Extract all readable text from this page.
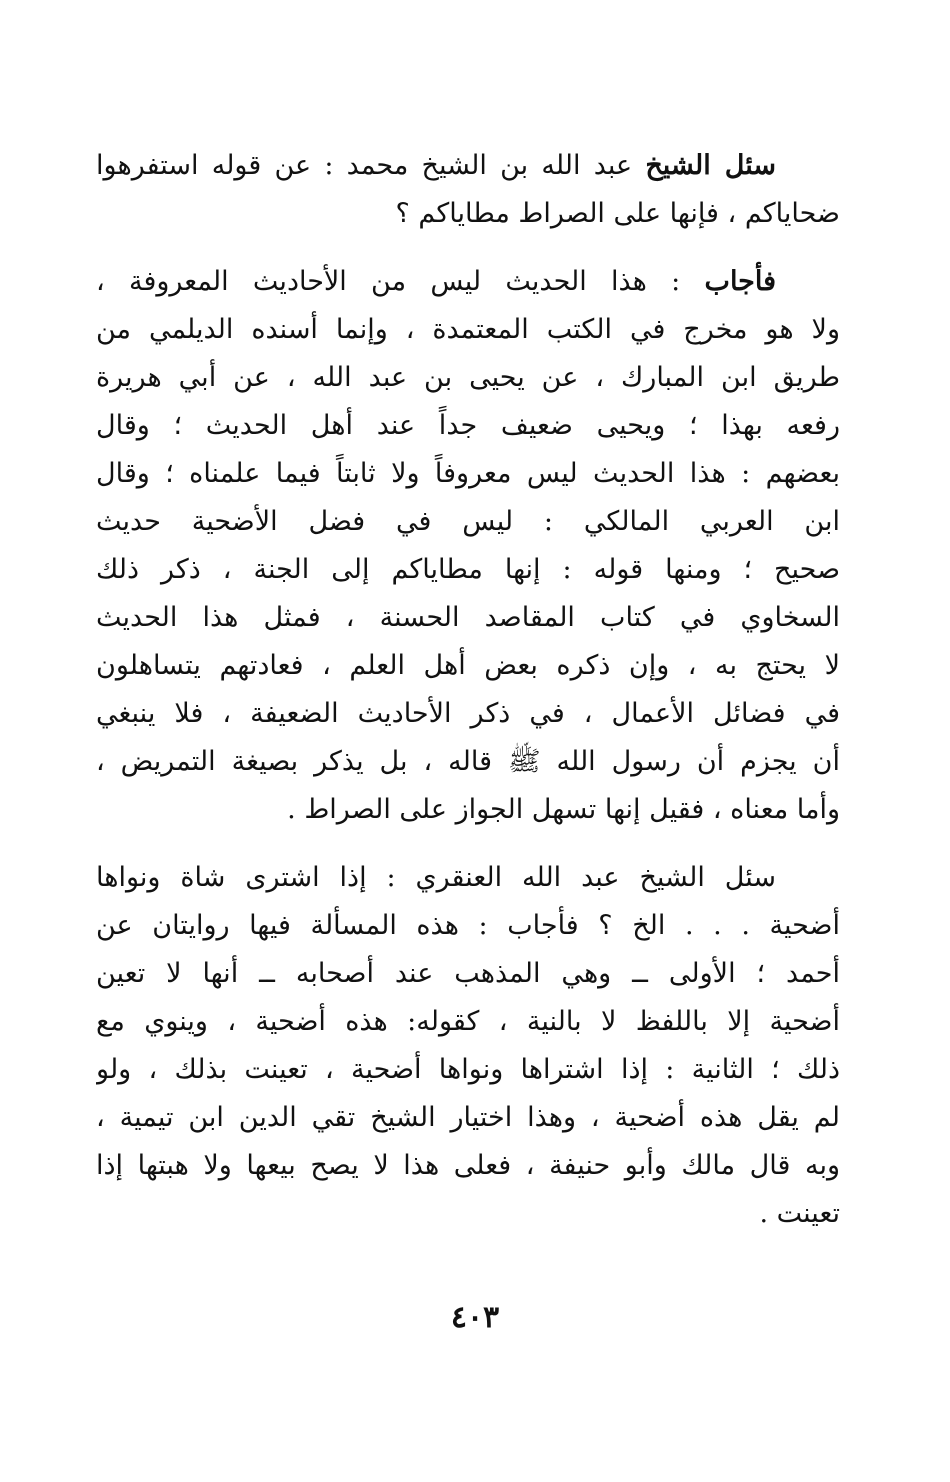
سئل الشيخ عبد الله بن الشيخ محمد : عن قوله استفرهوا
ضحاياكم ، فإنها على الصراط مطاياكم ؟
فأجاب : هذا الحديث ليس من الأحاديث المعروفة ،
ولا هو مخرج في الكتب المعتمدة ، وإنما أسنده الديلمي من
طريق ابن المبارك ، عن يحيى بن عبد الله ، عن أبي هريرة
رفعه بهذا ؛ ويحيى ضعيف جداً عند أهل الحديث ؛ وقال
بعضهم : هذا الحديث ليس معروفاً ولا ثابتاً فيما علمناه ؛ وقال
ابن العربي المالكي : ليس في فضل الأضحية حديث
صحيح ؛ ومنها قوله : إنها مطاياكم إلى الجنة ، ذكر ذلك
السخاوي في كتاب المقاصد الحسنة ، فمثل هذا الحديث
لا يحتج به ، وإن ذكره بعض أهل العلم ، فعادتهم يتساهلون
في فضائل الأعمال ، في ذكر الأحاديث الضعيفة ، فلا ينبغي
أن يجزم أن رسول الله ﷺ قاله ، بل يذكر بصيغة التمريض ،
وأما معناه ، فقيل إنها تسهل الجواز على الصراط .
سئل الشيخ عبد الله العنقري : إذا اشترى شاة ونواها
أضحية . . . الخ ؟ فأجاب : هذه المسألة فيها روايتان عن
أحمد ؛ الأولى ــ وهي المذهب عند أصحابه ــ أنها لا تعين
أضحية إلا باللفظ لا بالنية ، كقوله: هذه أضحية ، وينوي مع
ذلك ؛ الثانية : إذا اشتراها ونواها أضحية ، تعينت بذلك ، ولو
لم يقل هذه أضحية ، وهذا اختيار الشيخ تقي الدين ابن تيمية ،
وبه قال مالك وأبو حنيفة ، فعلى هذا لا يصح بيعها ولا هبتها إذا
تعينت .
٤٠٣
